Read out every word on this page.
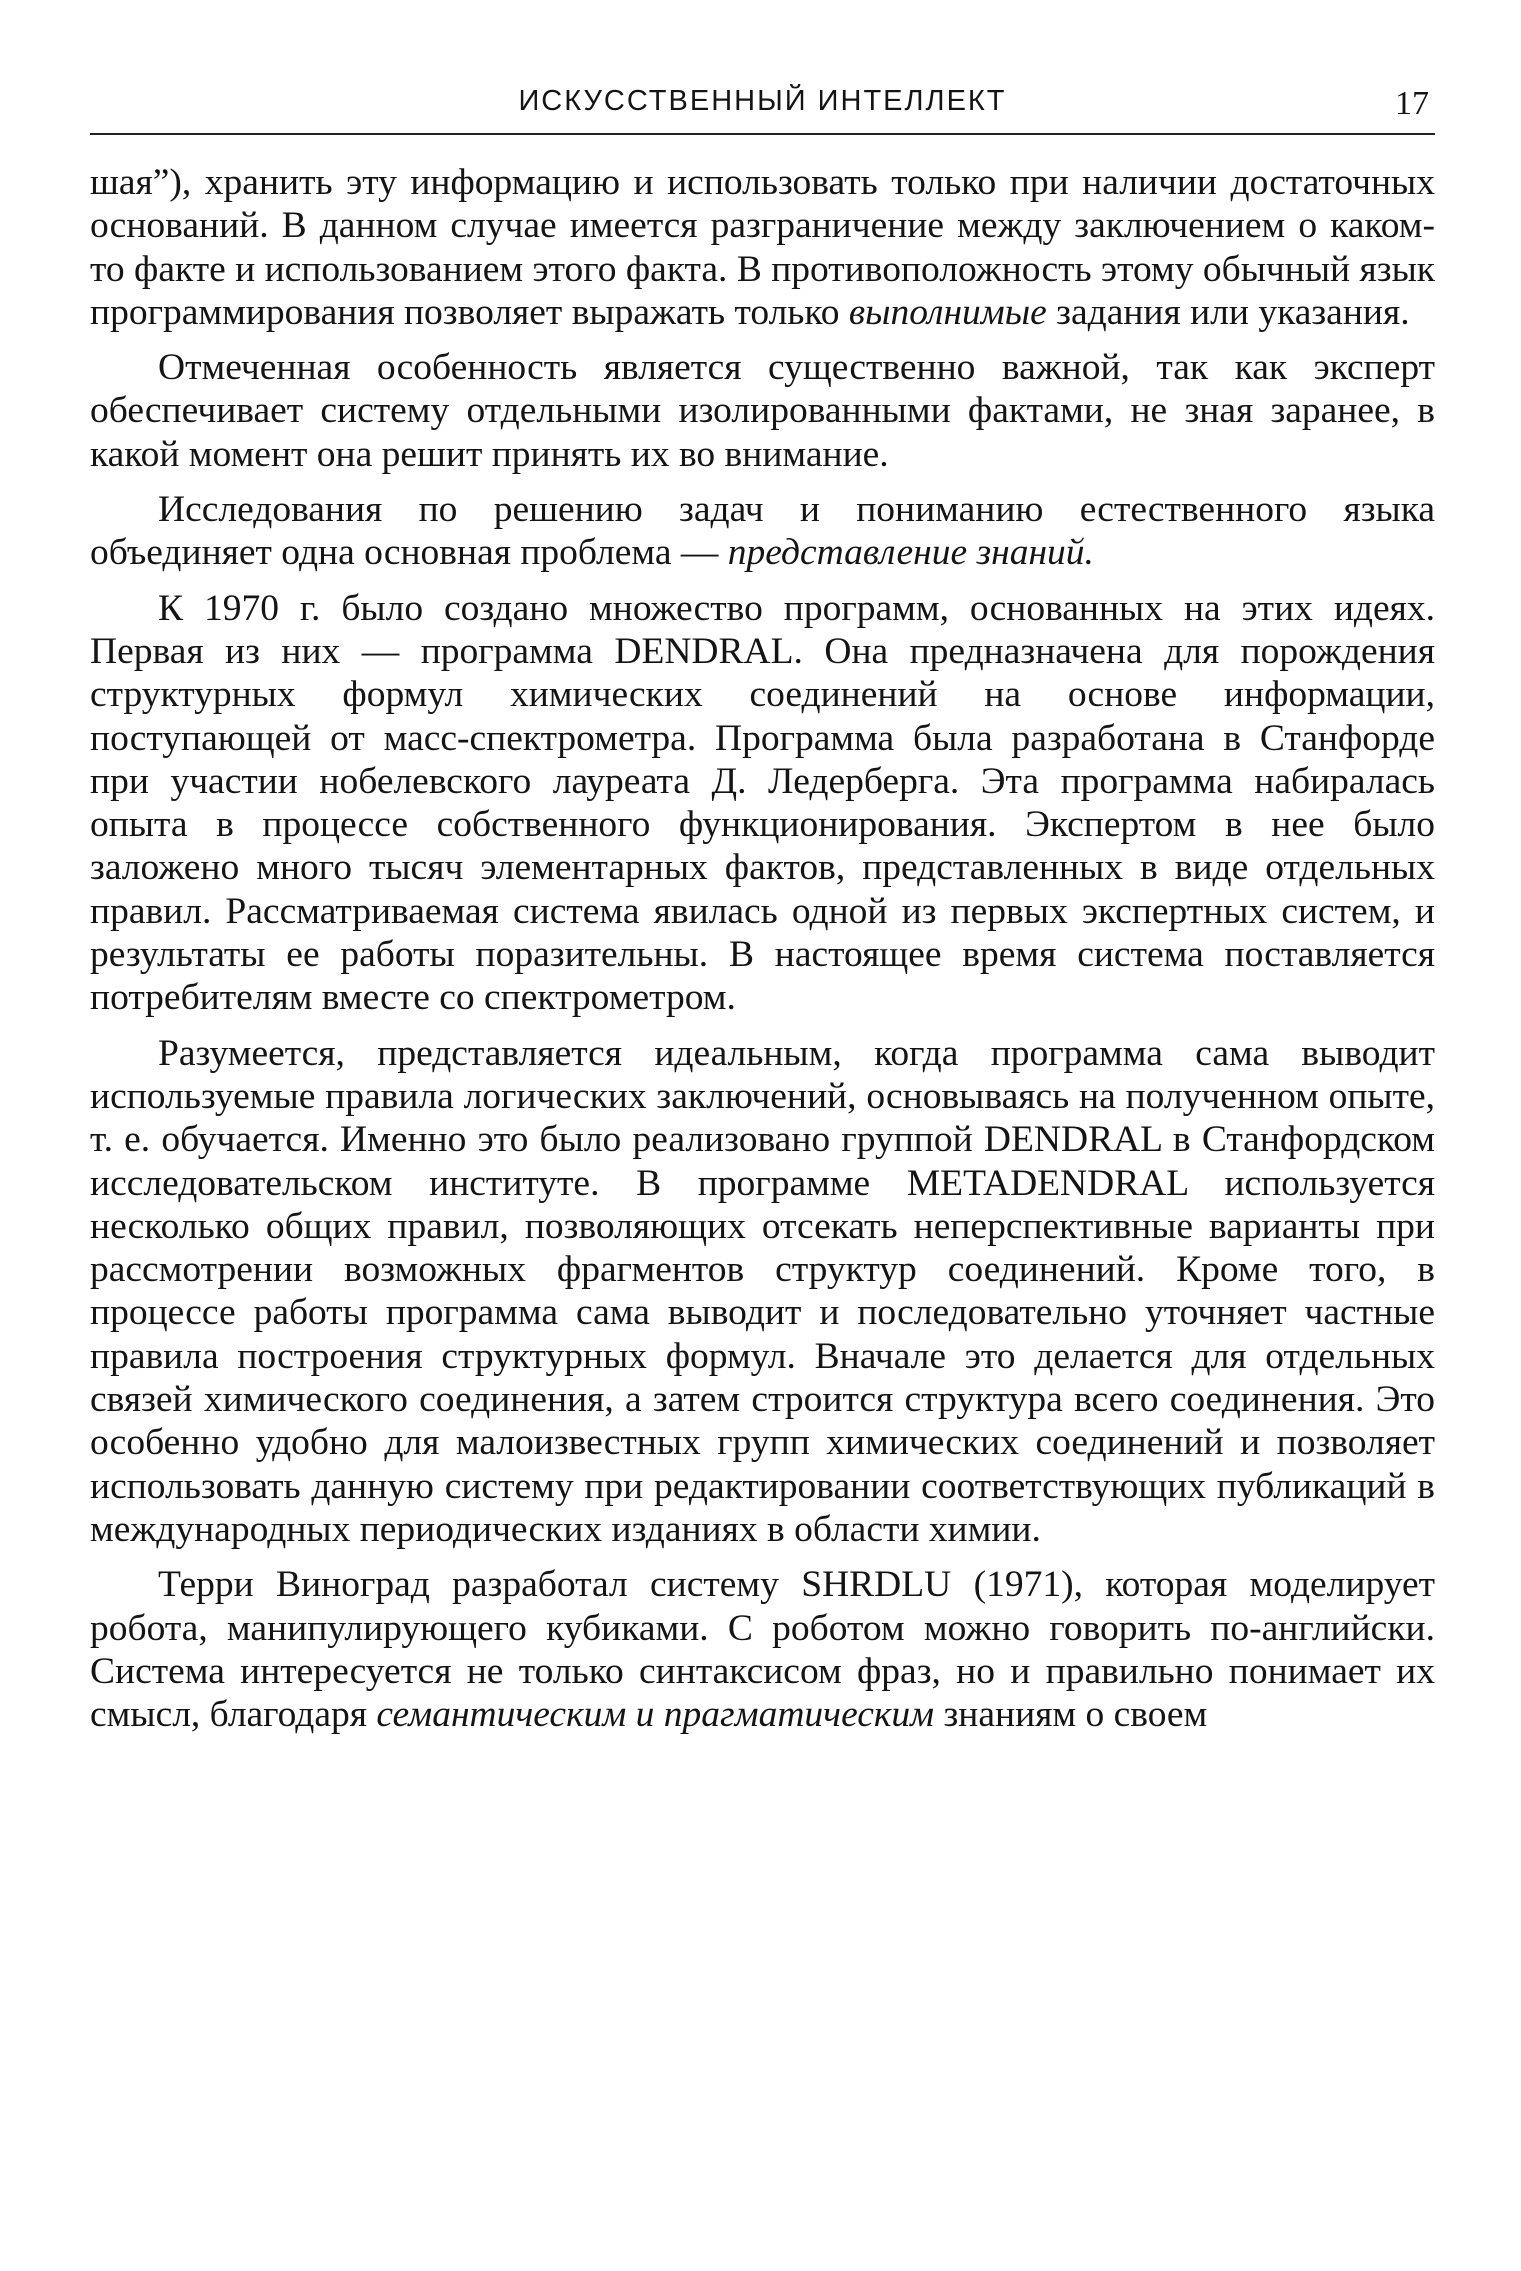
ИСКУССТВЕННЫЙ ИНТЕЛЛЕКТ	17

шая”), хранить эту информацию и использовать только при наличии достаточных оснований. В данном случае имеется разграничение между заключением о каком-то факте и использованием этого факта. В противоположность этому обычный язык программирования позволяет выражать только выполнимые задания или указания.

Отмеченная особенность является существенно важной, так как эксперт обеспечивает систему отдельными изолированными фактами, не зная заранее, в какой момент она решит принять их во внимание.

Исследования по решению задач и пониманию естественного языка объединяет одна основная проблема — представление знаний.

К 1970 г. было создано множество программ, основанных на этих идеях. Первая из них — программа DENDRAL. Она предназначена для порождения структурных формул химических соединений на основе информации, поступающей от масс-спектрометра. Программа была разработана в Станфорде при участии нобелевского лауреата Д. Ледерберга. Эта программа набиралась опыта в процессе собственного функционирования. Экспертом в нее было заложено много тысяч элементарных фактов, представленных в виде отдельных правил. Рассматриваемая система явилась одной из первых экспертных систем, и результаты ее работы поразительны. В настоящее время система поставляется потребителям вместе со спектрометром.

Разумеется, представляется идеальным, когда программа сама выводит используемые правила логических заключений, основываясь на полученном опыте, т. е. обучается. Именно это было реализовано группой DENDRAL в Станфордском исследовательском институте. В программе METADENDRAL используется несколько общих правил, позволяющих отсекать неперспективные варианты при рассмотрении возможных фрагментов структур соединений. Кроме того, в процессе работы программа сама выводит и последовательно уточняет частные правила построения структурных формул. Вначале это делается для отдельных связей химического соединения, а затем строится структура всего соединения. Это особенно удобно для малоизвестных групп химических соединений и позволяет использовать данную систему при редактировании соответствующих публикаций в международных периодических изданиях в области химии.

Терри Виноград разработал систему SHRDLU (1971), которая моделирует робота, манипулирующего кубиками. С роботом можно говорить по-английски. Система интересуется не только синтаксисом фраз, но и правильно понимает их смысл, благодаря семантическим и прагматическим знаниям о своем
